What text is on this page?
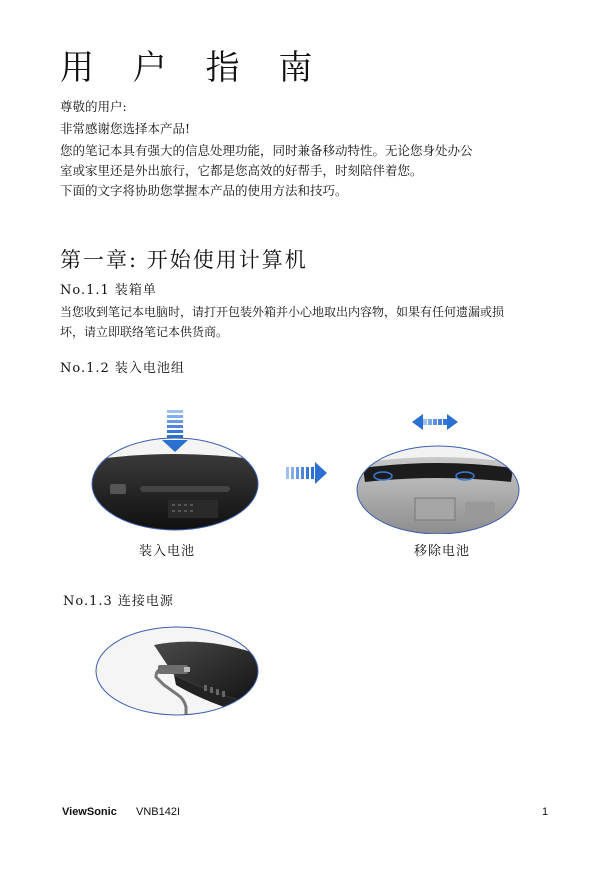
用 户 指 南
尊敬的用户:
非常感谢您选择本产品!
您的笔记本具有强大的信息处理功能，同时兼备移动特性。无论您身处办公
室或家里还是外出旅行，它都是您高效的好帮手，时刻陪伴着您。
下面的文字将协助您掌握本产品的使用方法和技巧。
第一章: 开始使用计算机
No.1.1 装箱单
当您收到笔记本电脑时，请打开包装外箱并小心地取出内容物，如果有任何遗漏或损
坏，请立即联络笔记本供货商。
No.1.2 装入电池组
装入电池	移除电池
No.1.3 连接电源
ViewSonic VNB142I	1
